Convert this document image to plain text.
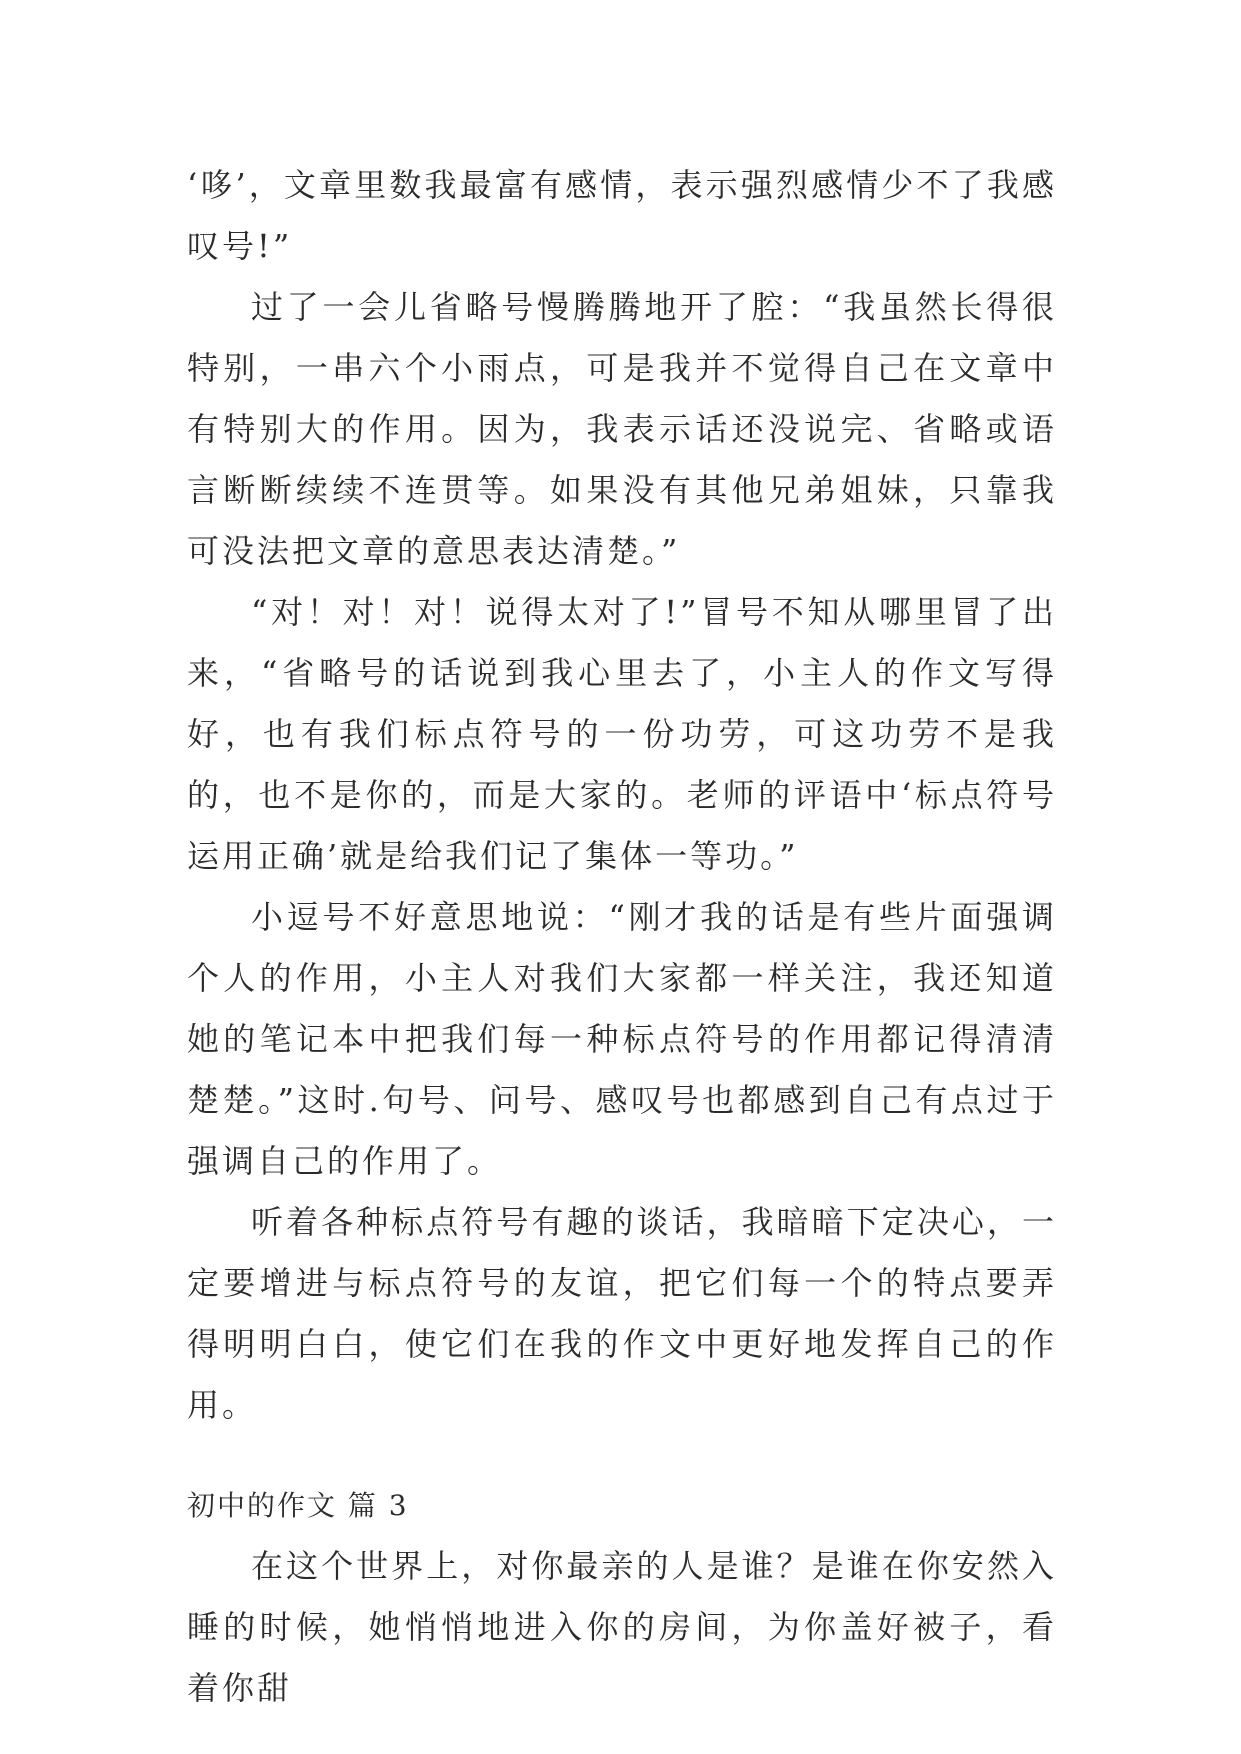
‘哆’，文章里数我最富有感情，表示强烈感情少不了我感叹号!”

过了一会儿省略号慢腾腾地开了腔：“我虽然长得很特别，一串六个小雨点，可是我并不觉得自己在文章中有特别大的作用。因为，我表示话还没说完、省略或语言断断续续不连贯等。如果没有其他兄弟姐妹，只靠我可没法把文章的意思表达清楚。”

“对！对！对！说得太对了!”冒号不知从哪里冒了出来，“省略号的话说到我心里去了，小主人的作文写得好，也有我们标点符号的一份功劳，可这功劳不是我的，也不是你的，而是大家的。老师的评语中‘标点符号运用正确’就是给我们记了集体一等功。”

小逗号不好意思地说：“刚才我的话是有些片面强调个人的作用，小主人对我们大家都一样关注，我还知道她的笔记本中把我们每一种标点符号的作用都记得清清楚楚。”这时.句号、问号、感叹号也都感到自己有点过于强调自己的作用了。

听着各种标点符号有趣的谈话，我暗暗下定决心，一定要增进与标点符号的友谊，把它们每一个的特点要弄得明明白白，使它们在我的作文中更好地发挥自己的作用。

初中的作文 篇 3

在这个世界上，对你最亲的人是谁？是谁在你安然入睡的时候，她悄悄地进入你的房间，为你盖好被子，看着你甜
